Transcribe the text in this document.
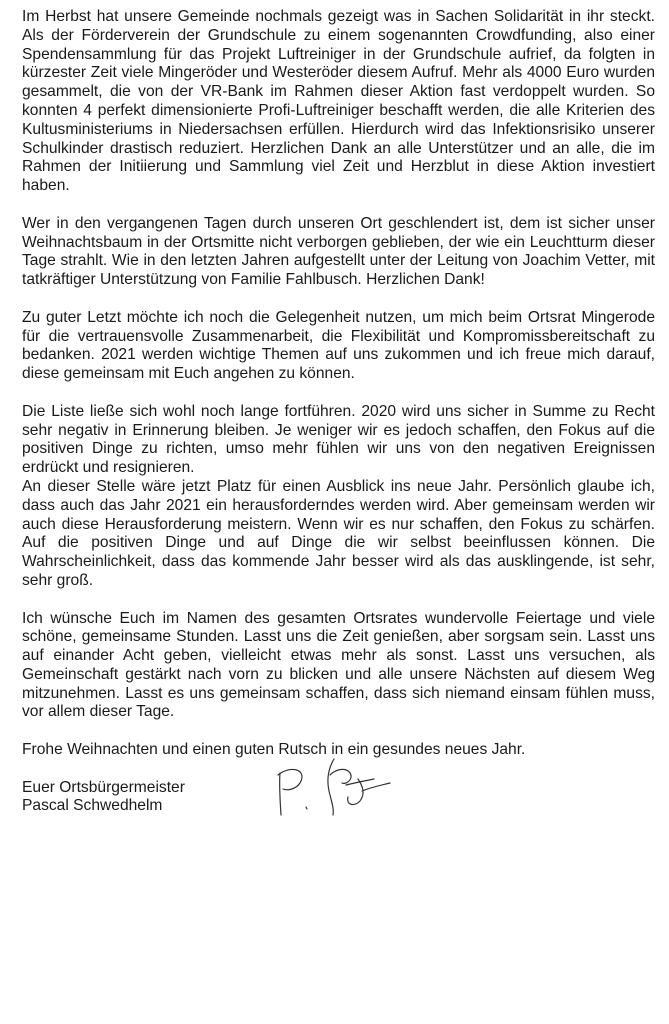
Im Herbst hat unsere Gemeinde nochmals gezeigt was in Sachen Solidarität in ihr steckt. Als der Förderverein der Grundschule zu einem sogenannten Crowdfunding, also einer Spendensammlung für das Projekt Luftreiniger in der Grundschule aufrief, da folgten in kürzester Zeit viele Mingeröder und Westeröder diesem Aufruf. Mehr als 4000 Euro wurden gesammelt, die von der VR-Bank im Rahmen dieser Aktion fast verdoppelt wurden. So konnten 4 perfekt dimensionierte Profi-Luftreiniger beschafft werden, die alle Kriterien des Kultusministeriums in Niedersachsen erfüllen. Hierdurch wird das Infektionsrisiko unserer Schulkinder drastisch reduziert. Herzlichen Dank an alle Unterstützer und an alle, die im Rahmen der Initiierung und Sammlung viel Zeit und Herzblut in diese Aktion investiert haben.

Wer in den vergangenen Tagen durch unseren Ort geschlendert ist, dem ist sicher unser Weihnachtsbaum in der Ortsmitte nicht verborgen geblieben, der wie ein Leuchtturm dieser Tage strahlt. Wie in den letzten Jahren aufgestellt unter der Leitung von Joachim Vetter, mit tatkräftiger Unterstützung von Familie Fahlbusch. Herzlichen Dank!

Zu guter Letzt möchte ich noch die Gelegenheit nutzen, um mich beim Ortsrat Mingerode für die vertrauensvolle Zusammenarbeit, die Flexibilität und Kompromissbereitschaft zu bedanken. 2021 werden wichtige Themen auf uns zukommen und ich freue mich darauf, diese gemeinsam mit Euch angehen zu können.

Die Liste ließe sich wohl noch lange fortführen. 2020 wird uns sicher in Summe zu Recht sehr negativ in Erinnerung bleiben. Je weniger wir es jedoch schaffen, den Fokus auf die positiven Dinge zu richten, umso mehr fühlen wir uns von den negativen Ereignissen erdrückt und resignieren.

An dieser Stelle wäre jetzt Platz für einen Ausblick ins neue Jahr. Persönlich glaube ich, dass auch das Jahr 2021 ein herausforderndes werden wird. Aber gemeinsam werden wir auch diese Herausforderung meistern. Wenn wir es nur schaffen, den Fokus zu schärfen. Auf die positiven Dinge und auf Dinge die wir selbst beeinflussen können. Die Wahrscheinlichkeit, dass das kommende Jahr besser wird als das ausklingende, ist sehr, sehr groß.

Ich wünsche Euch im Namen des gesamten Ortsrates wundervolle Feiertage und viele schöne, gemeinsame Stunden. Lasst uns die Zeit genießen, aber sorgsam sein. Lasst uns auf einander Acht geben, vielleicht etwas mehr als sonst. Lasst uns versuchen, als Gemeinschaft gestärkt nach vorn zu blicken und alle unsere Nächsten auf diesem Weg mitzunehmen. Lasst es uns gemeinsam schaffen, dass sich niemand einsam fühlen muss, vor allem dieser Tage.

Frohe Weihnachten und einen guten Rutsch in ein gesundes neues Jahr.

Euer Ortsbürgermeister
Pascal Schwedhelm
